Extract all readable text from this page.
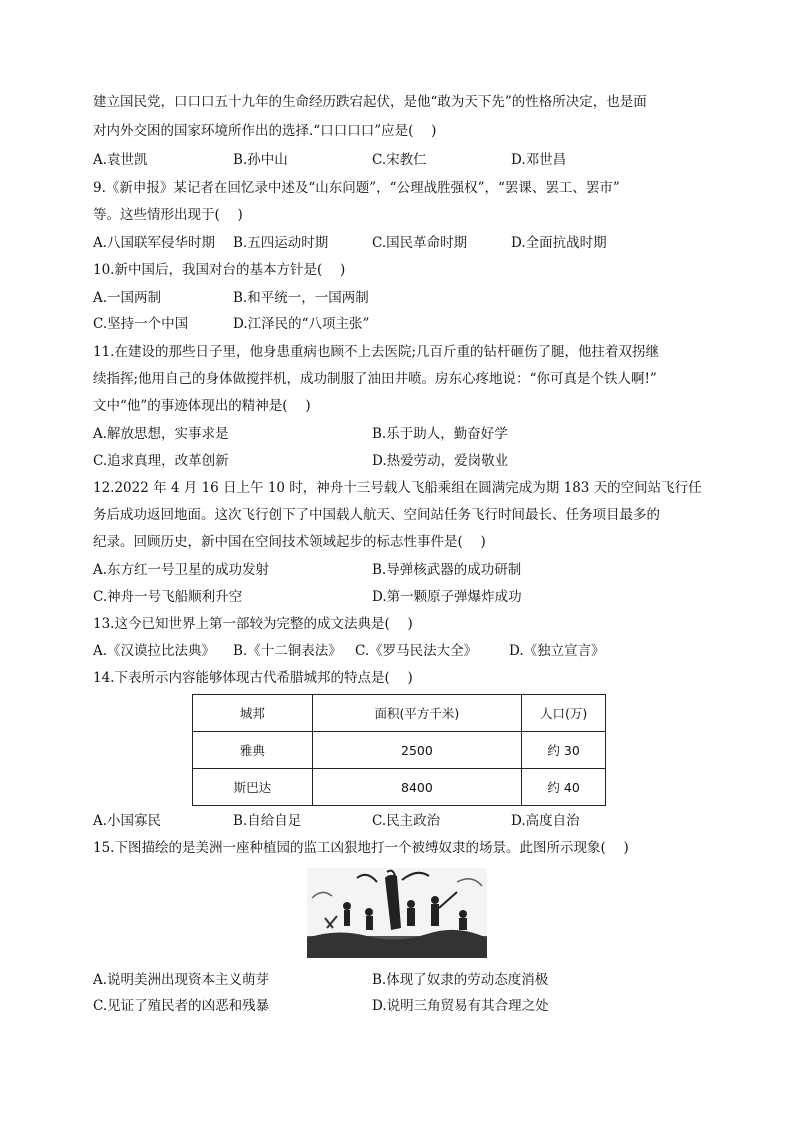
建立国民党，口口口五十九年的生命经历跌宕起伏，是他“敢为天下先”的性格所决定，也是面
对内外交困的国家环境所作出的选择.“口口口口”应是(　 )
A.袁世凯	B.孙中山	C.宋教仁	D.邓世昌
9.《新申报》某记者在回忆录中述及“山东问题”，“公理战胜强权”，“罢课、罢工、罢市”
等。这些情形出现于(　 )
A.八国联军侵华时期 B.五四运动时期	C.国民革命时期	D.全面抗战时期
10.新中国后，我国对台的基本方针是(　 )
A.一国两制	B.和平统一，一国两制
C.坚持一个中国	D.江泽民的“八项主张”
11.在建设的那些日子里，他身患重病也顾不上去医院;几百斤重的钻杆砸伤了腿，他拄着双拐继
续指挥;他用自己的身体做搅拌机，成功制服了油田井喷。房东心疼地说：“你可真是个铁人啊!”
文中“他”的事迹体现出的精神是(　 )
A.解放思想，实事求是	B.乐于助人，勤奋好学
C.追求真理，改革创新	D.热爱劳动，爱岗敬业
12.2022 年 4 月 16 日上午 10 时，神舟十三号载人飞船乘组在圆满完成为期 183 天的空间站飞行任
务后成功返回地面。这次飞行创下了中国载人航天、空间站任务飞行时间最长、任务项目最多的
纪录。回顾历史，新中国在空间技术领域起步的标志性事件是(　 )
A.东方红一号卫星的成功发射	B.导弹核武器的成功研制
C.神舟一号飞船顺利升空	D.第一颗原子弹爆炸成功
13.这今已知世界上第一部较为完整的成文法典是(　 )
A.《汉谟拉比法典》 B.《十二铜表法》 C.《罗马民法大全》 D.《独立宣言》
14.下表所示内容能够体现古代希腊城邦的特点是(　 )
城邦	面积(平方千米)	人口(万)
雅典	2500	约 30
斯巴达	8400	约 40
A.小国寡民	B.自给自足	C.民主政治	D.高度自治
15.下图描绘的是美洲一座种植园的监工凶狠地打一个被缚奴隶的场景。此图所示现象(　 )
A.说明美洲出现资本主义萌芽	B.体现了奴隶的劳动态度消极
C.见证了殖民者的凶恶和残暴	D.说明三角贸易有其合理之处
